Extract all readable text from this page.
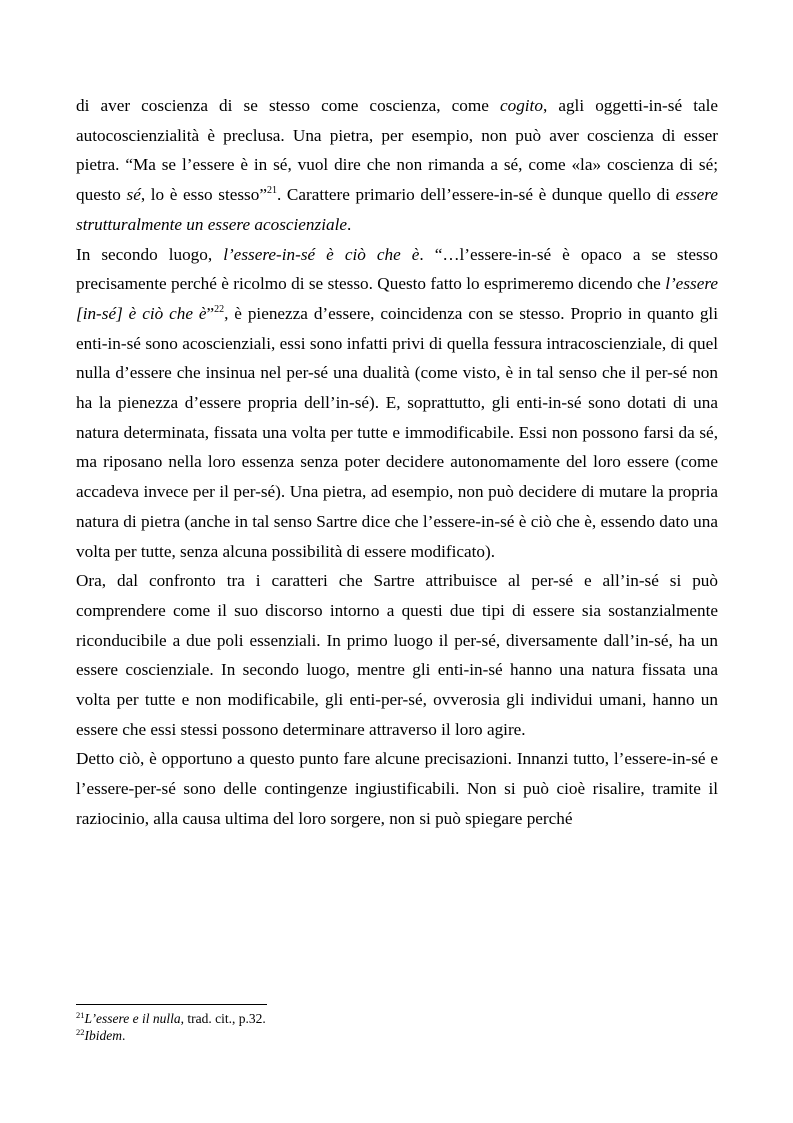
di aver coscienza di se stesso come coscienza, come cogito, agli oggetti-in-sé tale autocoscienzialità è preclusa. Una pietra, per esempio, non può aver coscienza di esser pietra. “Ma se l’essere è in sé, vuol dire che non rimanda a sé, come «la» coscienza di sé; questo sé, lo è esso stesso”$^{21}$. Carattere primario dell’essere-in-sé è dunque quello di essere strutturalmente un essere acoscienziale.

In secondo luogo, l’essere-in-sé è ciò che è. “…l’essere-in-sé è opaco a se stesso precisamente perché è ricolmo di se stesso. Questo fatto lo esprimeremo dicendo che l’essere [in-sé] è ciò che è”$^{22}$, è pienezza d’essere, coincidenza con se stesso. Proprio in quanto gli enti-in-sé sono acoscienziali, essi sono infatti privi di quella fessura intracoscienziale, di quel nulla d’essere che insinua nel per-sé una dualità (come visto, è in tal senso che il per-sé non ha la pienezza d’essere propria dell’in-sé). E, soprattutto, gli enti-in-sé sono dotati di una natura determinata, fissata una volta per tutte e immodificabile. Essi non possono farsi da sé, ma riposano nella loro essenza senza poter decidere autonomamente del loro essere (come accadeva invece per il per-sé). Una pietra, ad esempio, non può decidere di mutare la propria natura di pietra (anche in tal senso Sartre dice che l’essere-in-sé è ciò che è, essendo dato una volta per tutte, senza alcuna possibilità di essere modificato).

Ora, dal confronto tra i caratteri che Sartre attribuisce al per-sé e all’in-sé si può comprendere come il suo discorso intorno a questi due tipi di essere sia sostanzialmente riconducibile a due poli essenziali. In primo luogo il per-sé, diversamente dall’in-sé, ha un essere coscienziale. In secondo luogo, mentre gli enti-in-sé hanno una natura fissata una volta per tutte e non modificabile, gli enti-per-sé, ovverosia gli individui umani, hanno un essere che essi stessi possono determinare attraverso il loro agire.

Detto ciò, è opportuno a questo punto fare alcune precisazioni. Innanzi tutto, l’essere-in-sé e l’essere-per-sé sono delle contingenze ingiustificabili. Non si può cioè risalire, tramite il raziocinio, alla causa ultima del loro sorgere, non si può spiegare perché

$^{21}$L’essere e il nulla, trad. cit., p.32.
$^{22}$Ibidem.
